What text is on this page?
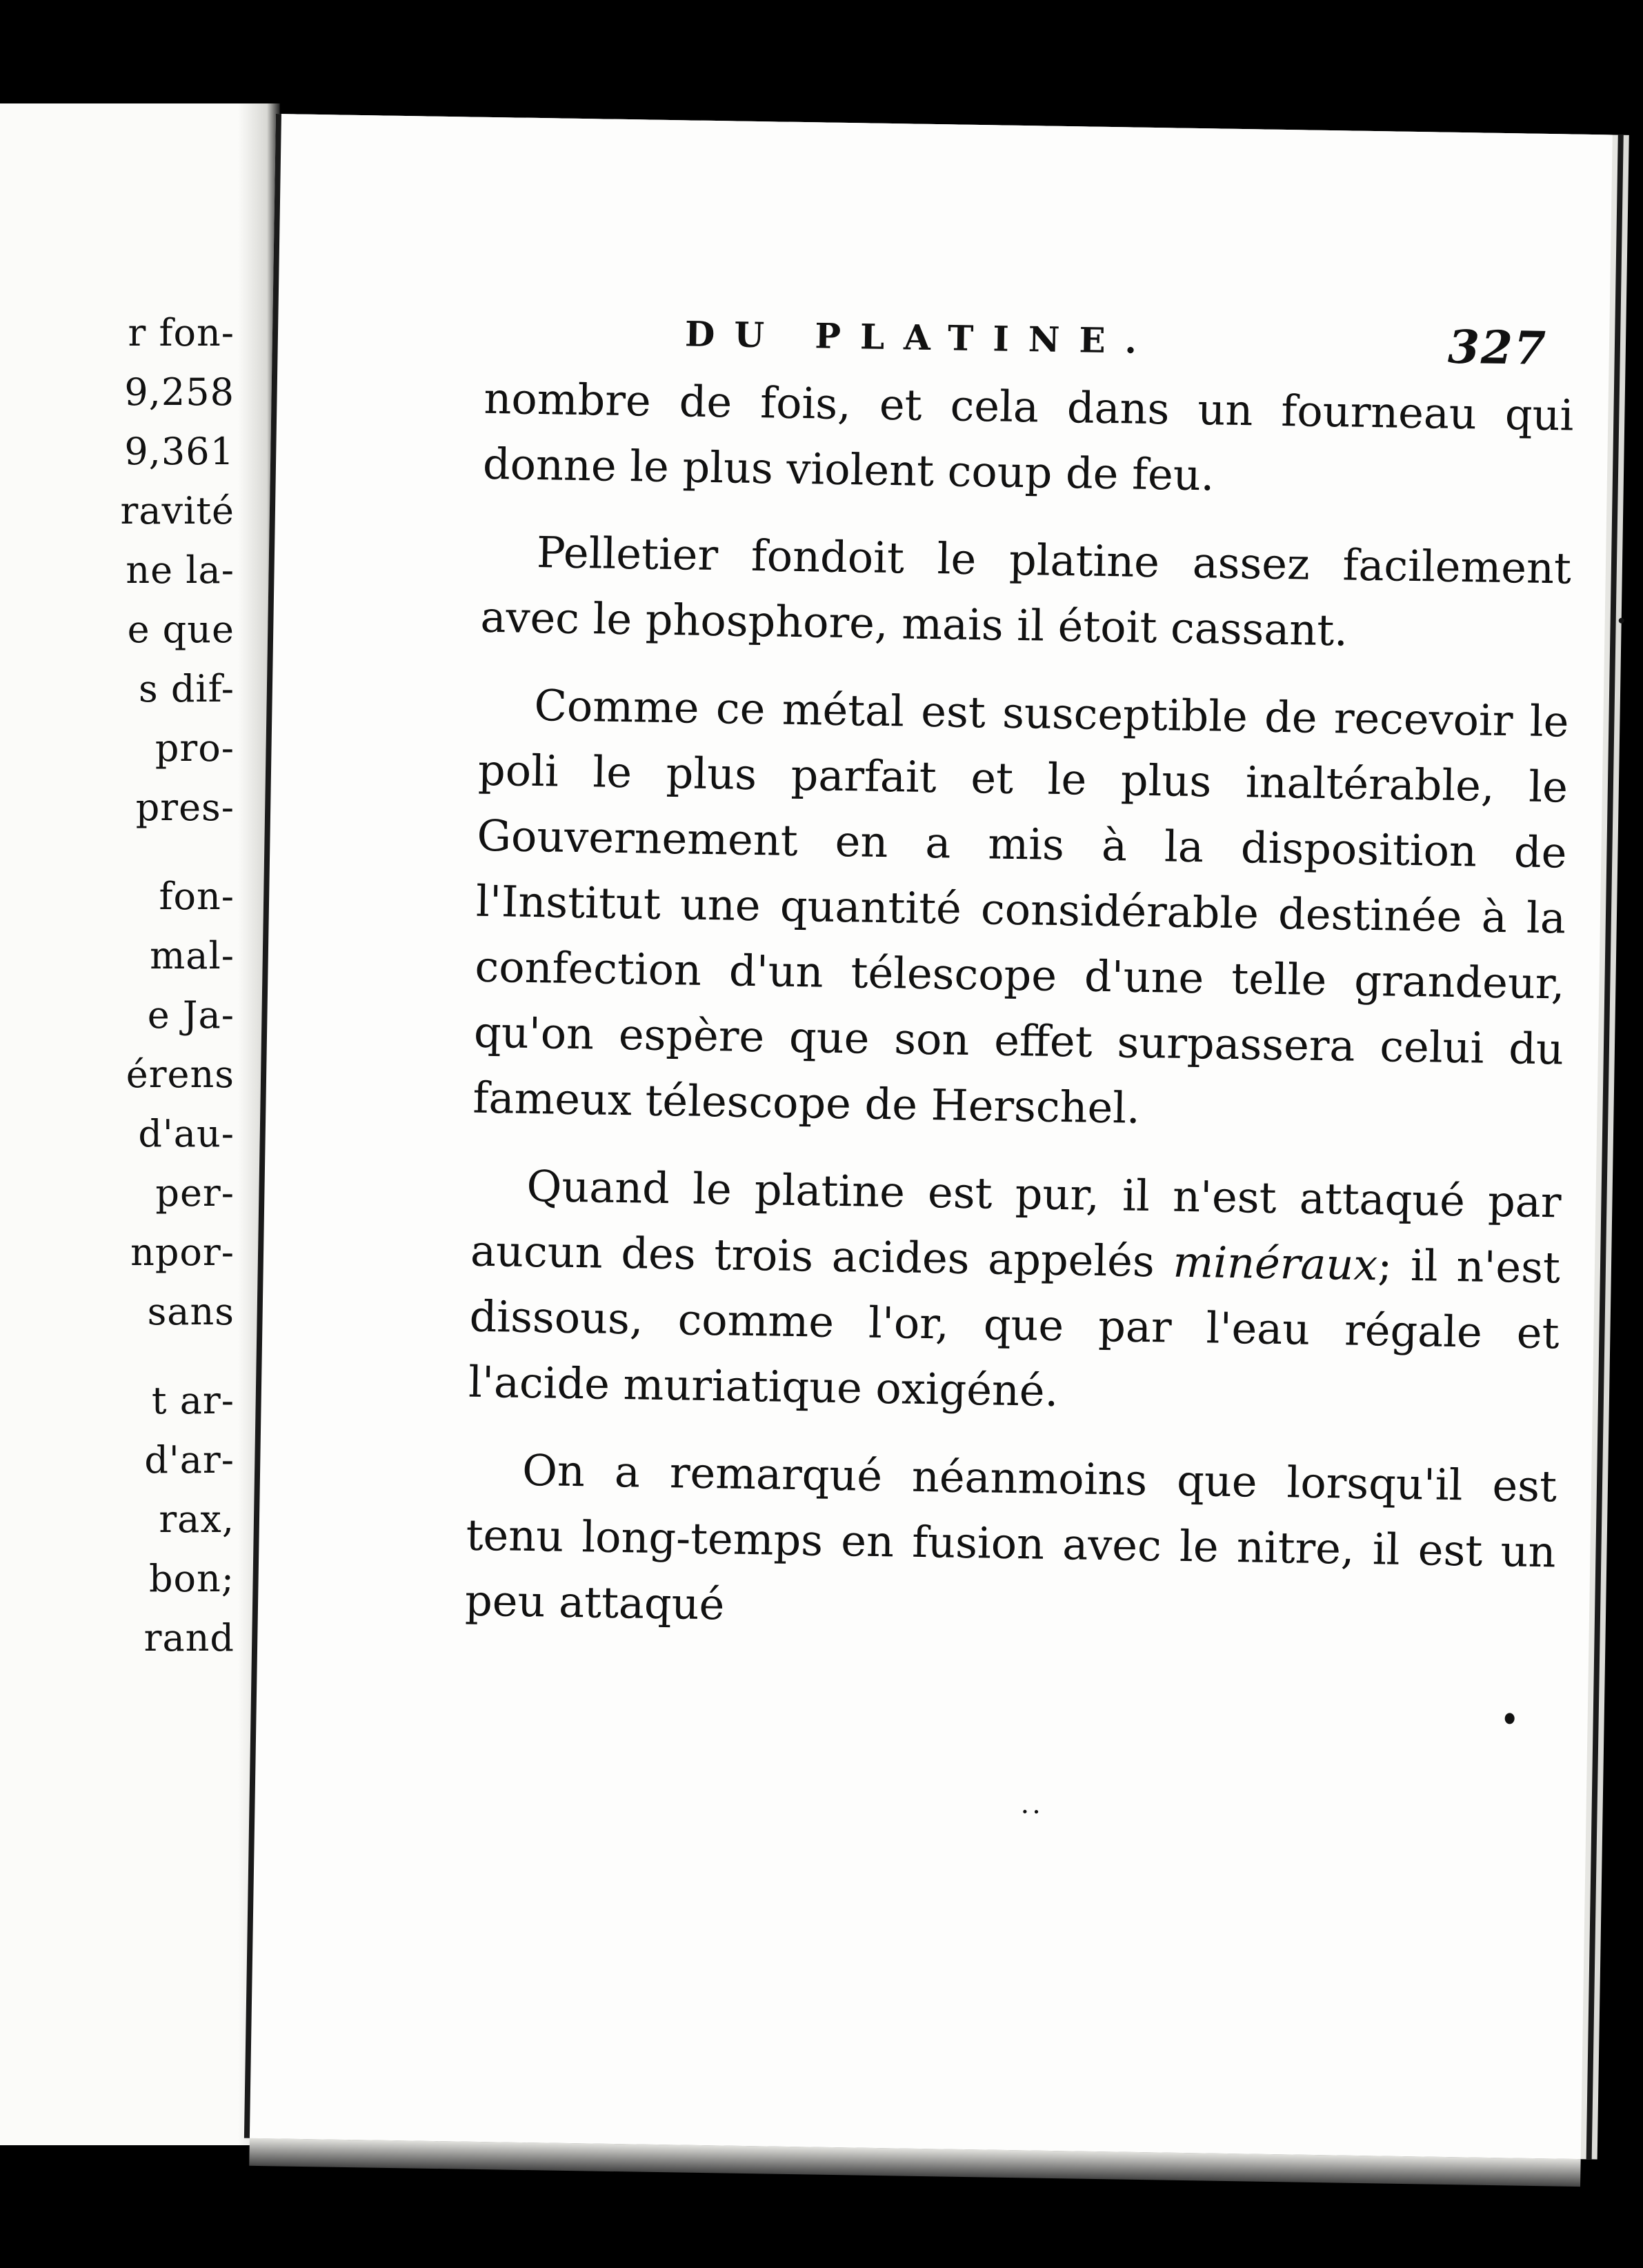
r fon-
9,258
9,361
ravité
ne la-
e que
s dif-
pro-
pres-
fon-
mal-
e Ja-
érens
d'au-
per-
npor-
sans
t ar-
d'ar-
rax,
bon;
rand
DU PLATINE.	327

nombre de fois, et cela dans un fourneau qui donne le plus violent coup de feu.

Pelletier fondoit le platine assez facilement avec le phosphore, mais il étoit cassant.

Comme ce métal est susceptible de recevoir le poli le plus parfait et le plus inaltérable, le Gouvernement en a mis à la disposition de l'Institut une quantité considérable destinée à la confection d'un télescope d'une telle grandeur, qu'on espère que son effet surpassera celui du fameux télescope de Herschel.

Quand le platine est pur, il n'est attaqué par aucun des trois acides appelés minéraux; il n'est dissous, comme l'or, que par l'eau régale et l'acide muriatique oxigéné.

On a remarqué néanmoins que lorsqu'il est tenu long-temps en fusion avec le nitre, il est un peu attaqué

..
